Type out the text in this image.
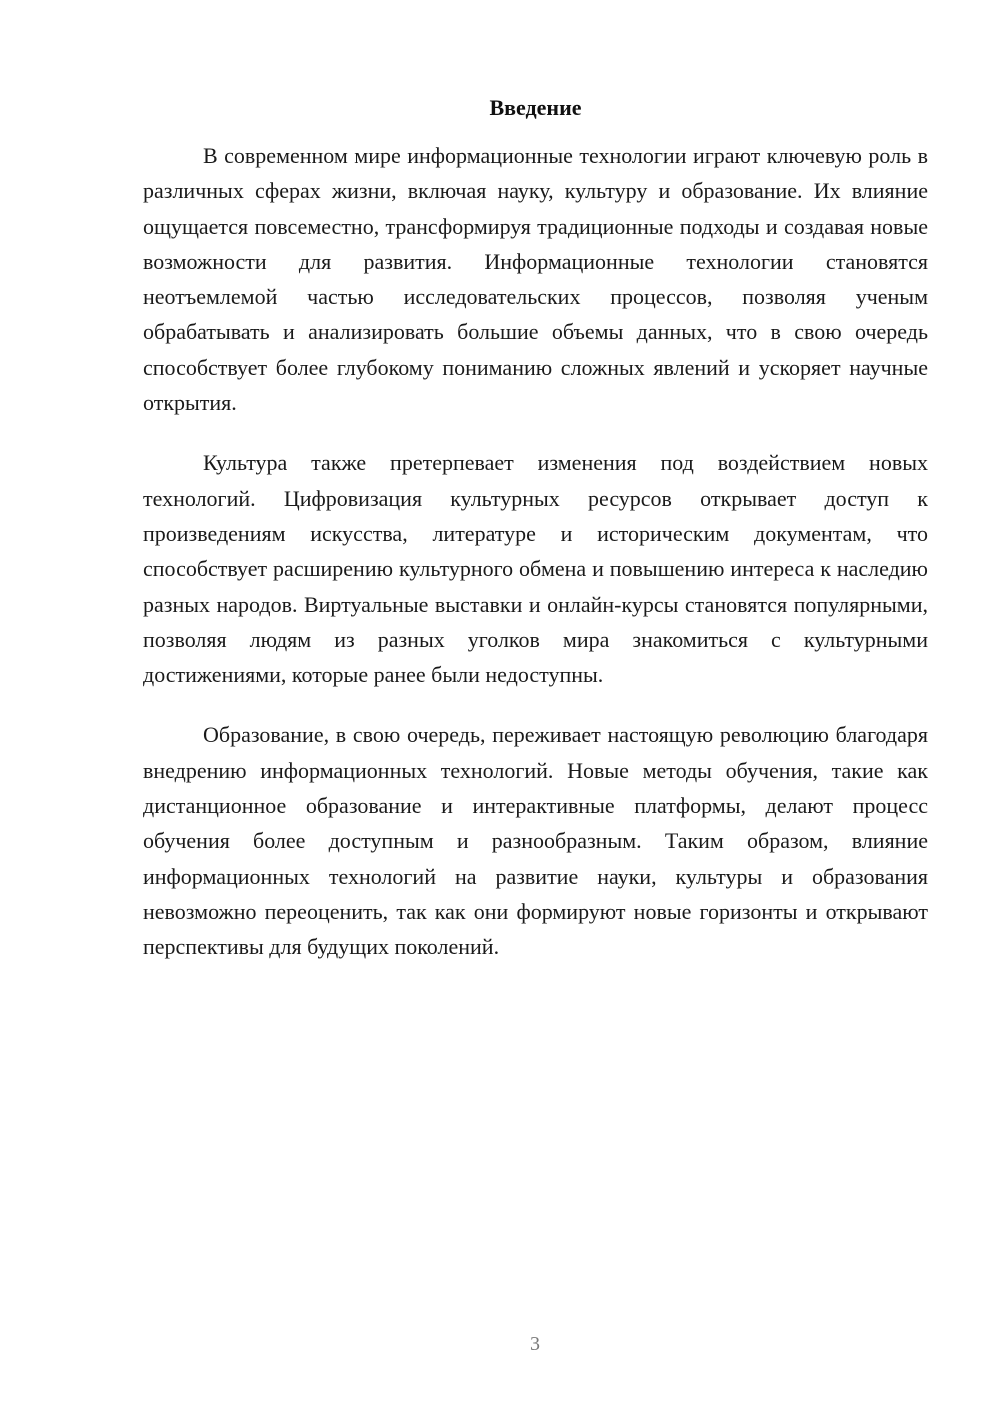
Введение

В современном мире информационные технологии играют ключевую роль в различных сферах жизни, включая науку, культуру и образование. Их влияние ощущается повсеместно, трансформируя традиционные подходы и создавая новые возможности для развития. Информационные технологии становятся неотъемлемой частью исследовательских процессов, позволяя ученым обрабатывать и анализировать большие объемы данных, что в свою очередь способствует более глубокому пониманию сложных явлений и ускоряет научные открытия.

Культура также претерпевает изменения под воздействием новых технологий. Цифровизация культурных ресурсов открывает доступ к произведениям искусства, литературе и историческим документам, что способствует расширению культурного обмена и повышению интереса к наследию разных народов. Виртуальные выставки и онлайн-курсы становятся популярными, позволяя людям из разных уголков мира знакомиться с культурными достижениями, которые ранее были недоступны.

Образование, в свою очередь, переживает настоящую революцию благодаря внедрению информационных технологий. Новые методы обучения, такие как дистанционное образование и интерактивные платформы, делают процесс обучения более доступным и разнообразным. Таким образом, влияние информационных технологий на развитие науки, культуры и образования невозможно переоценить, так как они формируют новые горизонты и открывают перспективы для будущих поколений.

3
